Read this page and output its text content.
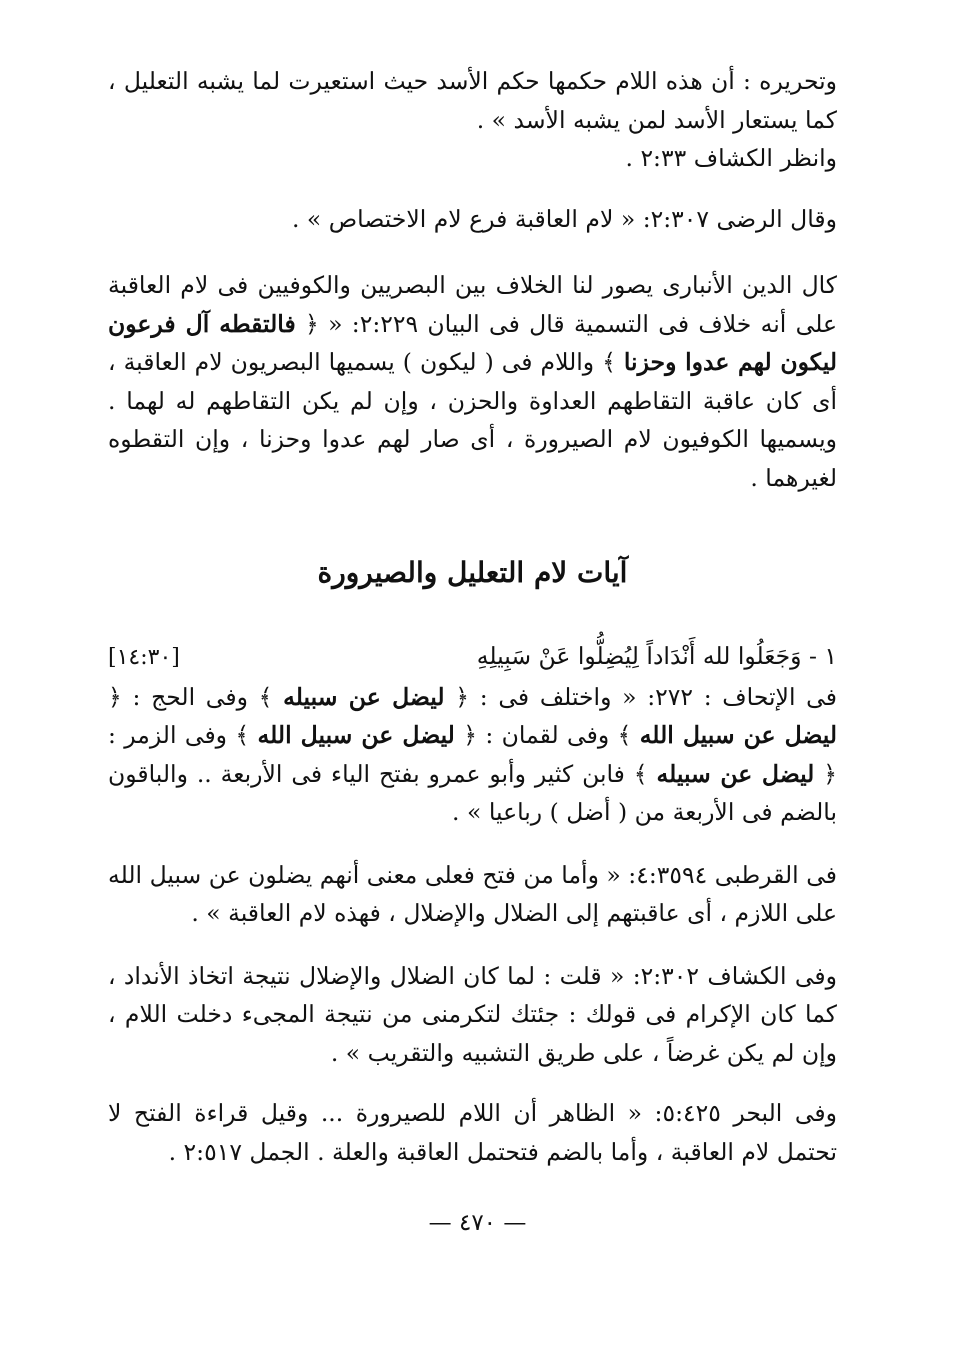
وتحريره : أن هذه اللام حكمها حكم الأسد حيث استعيرت لما يشبه التعليل ، كما يستعار الأسد لمن يشبه الأسد » .

وانظر الكشاف ٢:٣٣ .

وقال الرضى ٢:٣٠٧: « لام العاقبة فرع لام الاختصاص » .

كال الدين الأنبارى يصور لنا الخلاف بين البصريين والكوفيين فى لام العاقبة على أنه خلاف فى التسمية قال فى البيان ٢:٢٢٩: « ﴿ فالتقطه آل فرعون ليكون لهم عدوا وحزنا ﴾ واللام فى ( ليكون ) يسميها البصريون لام العاقبة ، أى كان عاقبة التقاطهم العداوة والحزن ، وإن لم يكن التقاطهم له لهما . ويسميها الكوفيون لام الصيرورة ، أى صار لهم عدوا وحزنا ، وإن التقطوه لغيرهما .

آيات لام التعليل والصيرورة
١ - وَجَعَلُوا لله أَنْدَاداً لِيُضِلُّوا عَنْ سَبِيلِهِ
[١٤:٣٠]

فى الإتحاف : ٢٧٢: « واختلف فى : ﴿ ليضل عن سبيله ﴾ وفى الحج : ﴿ ليضل عن سبيل الله ﴾ وفى لقمان : ﴿ ليضل عن سبيل الله ﴾ وفى الزمر : ﴿ ليضل عن سبيله ﴾ فابن كثير وأبو عمرو بفتح الياء فى الأربعة .. والباقون بالضم فى الأربعة من ( أضل ) رباعيا » .

فى القرطبى ٤:٣٥٩٤: « وأما من فتح فعلى معنى أنهم يضلون عن سبيل الله على اللازم ، أى عاقبتهم إلى الضلال والإضلال ، فهذه لام العاقبة » .

وفى الكشاف ٢:٣٠٢: « قلت : لما كان الضلال والإضلال نتيجة اتخاذ الأنداد ، كما كان الإكرام فى قولك : جئتك لتكرمنى من نتيجة المجىء دخلت اللام ، وإن لم يكن غرضاً ، على طريق التشبيه والتقريب » .

وفى البحر ٥:٤٢٥: « الظاهر أن اللام للصيرورة ... وقيل قراءة الفتح لا تحتمل لام العاقبة ، وأما بالضم فتحتمل العاقبة والعلة . الجمل ٢:٥١٧ .

— ٤٧٠ —
